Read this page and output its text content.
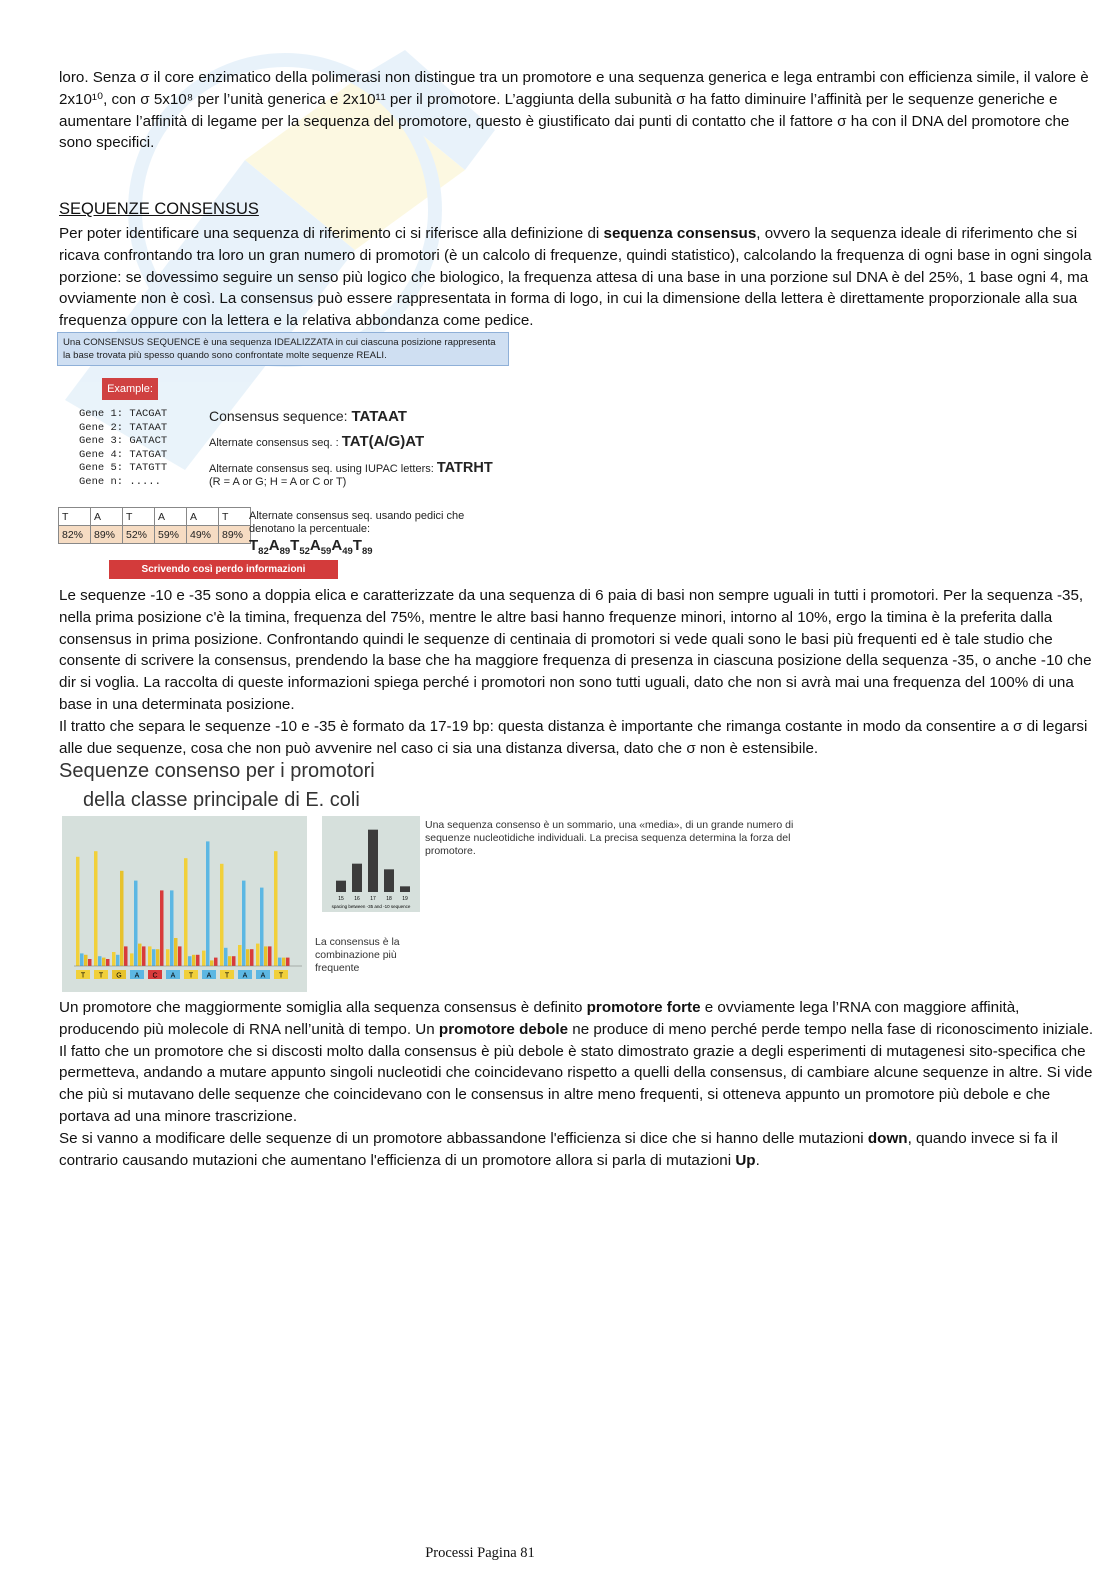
loro. Senza σ il core enzimatico della polimerasi non distingue tra un promotore e una sequenza generica e lega entrambi con efficienza simile, il valore è 2x10¹⁰, con σ 5x10⁸ per l’unità generica e 2x10¹¹ per il promotore. L’aggiunta della subunità σ ha fatto diminuire l’affinità per le sequenze generiche e aumentare l’affinità di legame per la sequenza del promotore, questo è giustificato dai punti di contatto che il fattore σ ha con il DNA del promotore che sono specifici.

SEQUENZE CONSENSUS

Per poter identificare una sequenza di riferimento ci si riferisce alla definizione di sequenza consensus, ovvero la sequenza ideale di riferimento che si ricava confrontando tra loro un gran numero di promotori (è un calcolo di frequenze, quindi statistico), calcolando la frequenza di ogni base in ogni singola porzione: se dovessimo seguire un senso più logico che biologico, la frequenza attesa di una base in una porzione sul DNA è del 25%, 1 base ogni 4, ma ovviamente non è così. La consensus può essere rappresentata in forma di logo, in cui la dimensione della lettera è direttamente proporzionale alla sua frequenza oppure con la lettera e la relativa abbondanza come pedice.

Una CONSENSUS SEQUENCE è una sequenza IDEALIZZATA in cui ciascuna posizione rappresenta la base trovata più spesso quando sono confrontate molte sequenze REALI.
Example:
Gene 1: TACGAT
Gene 2: TATAAT
Gene 3: GATACT
Gene 4: TATGAT
Gene 5: TATGTT
Gene n: .....
Consensus sequence: TATAAT
Alternate consensus seq. : TAT(A/G)AT
Alternate consensus seq. using IUPAC letters: TATRHT
(R = A or G; H = A or C or T)
T	A	T	A	A	T
82%	89%	52%	59%	49%	89%
Alternate consensus seq. usando pedici che denotano la percentuale:
$T_{82}A_{89}T_{52}A_{59}A_{49}T_{89}$
Scrivendo così perdo informazioni

Le sequenze -10 e -35 sono a doppia elica e caratterizzate da una sequenza di 6 paia di basi non sempre uguali in tutti i promotori. Per la sequenza -35, nella prima posizione c'è la timina, frequenza del 75%, mentre le altre basi hanno frequenze minori, intorno al 10%, ergo la timina è la preferita dalla consensus in prima posizione. Confrontando quindi le sequenze di centinaia di promotori si vede quali sono le basi più frequenti ed è tale studio che consente di scrivere la consensus, prendendo la base che ha maggiore frequenza di presenza in ciascuna posizione della sequenza -35, o anche -10 che dir si voglia. La raccolta di queste informazioni spiega perché i promotori non sono tutti uguali, dato che non si avrà mai una frequenza del 100% di una base in una determinata posizione.
Il tratto che separa le sequenze -10 e -35 è formato da 17-19 bp: questa distanza è importante che rimanga costante in modo da consentire a σ di legarsi alle due sequenze, cosa che non può avvenire nel caso ci sia una distanza diversa, dato che σ non è estensibile.

Sequenze consenso per i promotori
della classe principale di E. coli
T T G A C A T A T A A T
15 16 17 18 19
spacing between -35 and -10 sequence
Una sequenza consenso è un sommario, una «media», di un grande numero di sequenze nucleotidiche individuali. La precisa sequenza determina la forza del promotore.
La consensus è la combinazione più frequente

Un promotore che maggiormente somiglia alla sequenza consensus è definito promotore forte e ovviamente lega l’RNA con maggiore affinità, producendo più molecole di RNA nell’unità di tempo. Un promotore debole ne produce di meno perché perde tempo nella fase di riconoscimento iniziale.
Il fatto che un promotore che si discosti molto dalla consensus è più debole è stato dimostrato grazie a degli esperimenti di mutagenesi sito-specifica che permetteva, andando a mutare appunto singoli nucleotidi che coincidevano rispetto a quelli della consensus, di cambiare alcune sequenze in altre. Si vide che più si mutavano delle sequenze che coincidevano con le consensus in altre meno frequenti, si otteneva appunto un promotore più debole e che portava ad una minore trascrizione.
Se si vanno a modificare delle sequenze di un promotore abbassandone l'efficienza si dice che si hanno delle mutazioni down, quando invece si fa il contrario causando mutazioni che aumentano l'efficienza di un promotore allora si parla di mutazioni Up.

Processi Pagina 81
